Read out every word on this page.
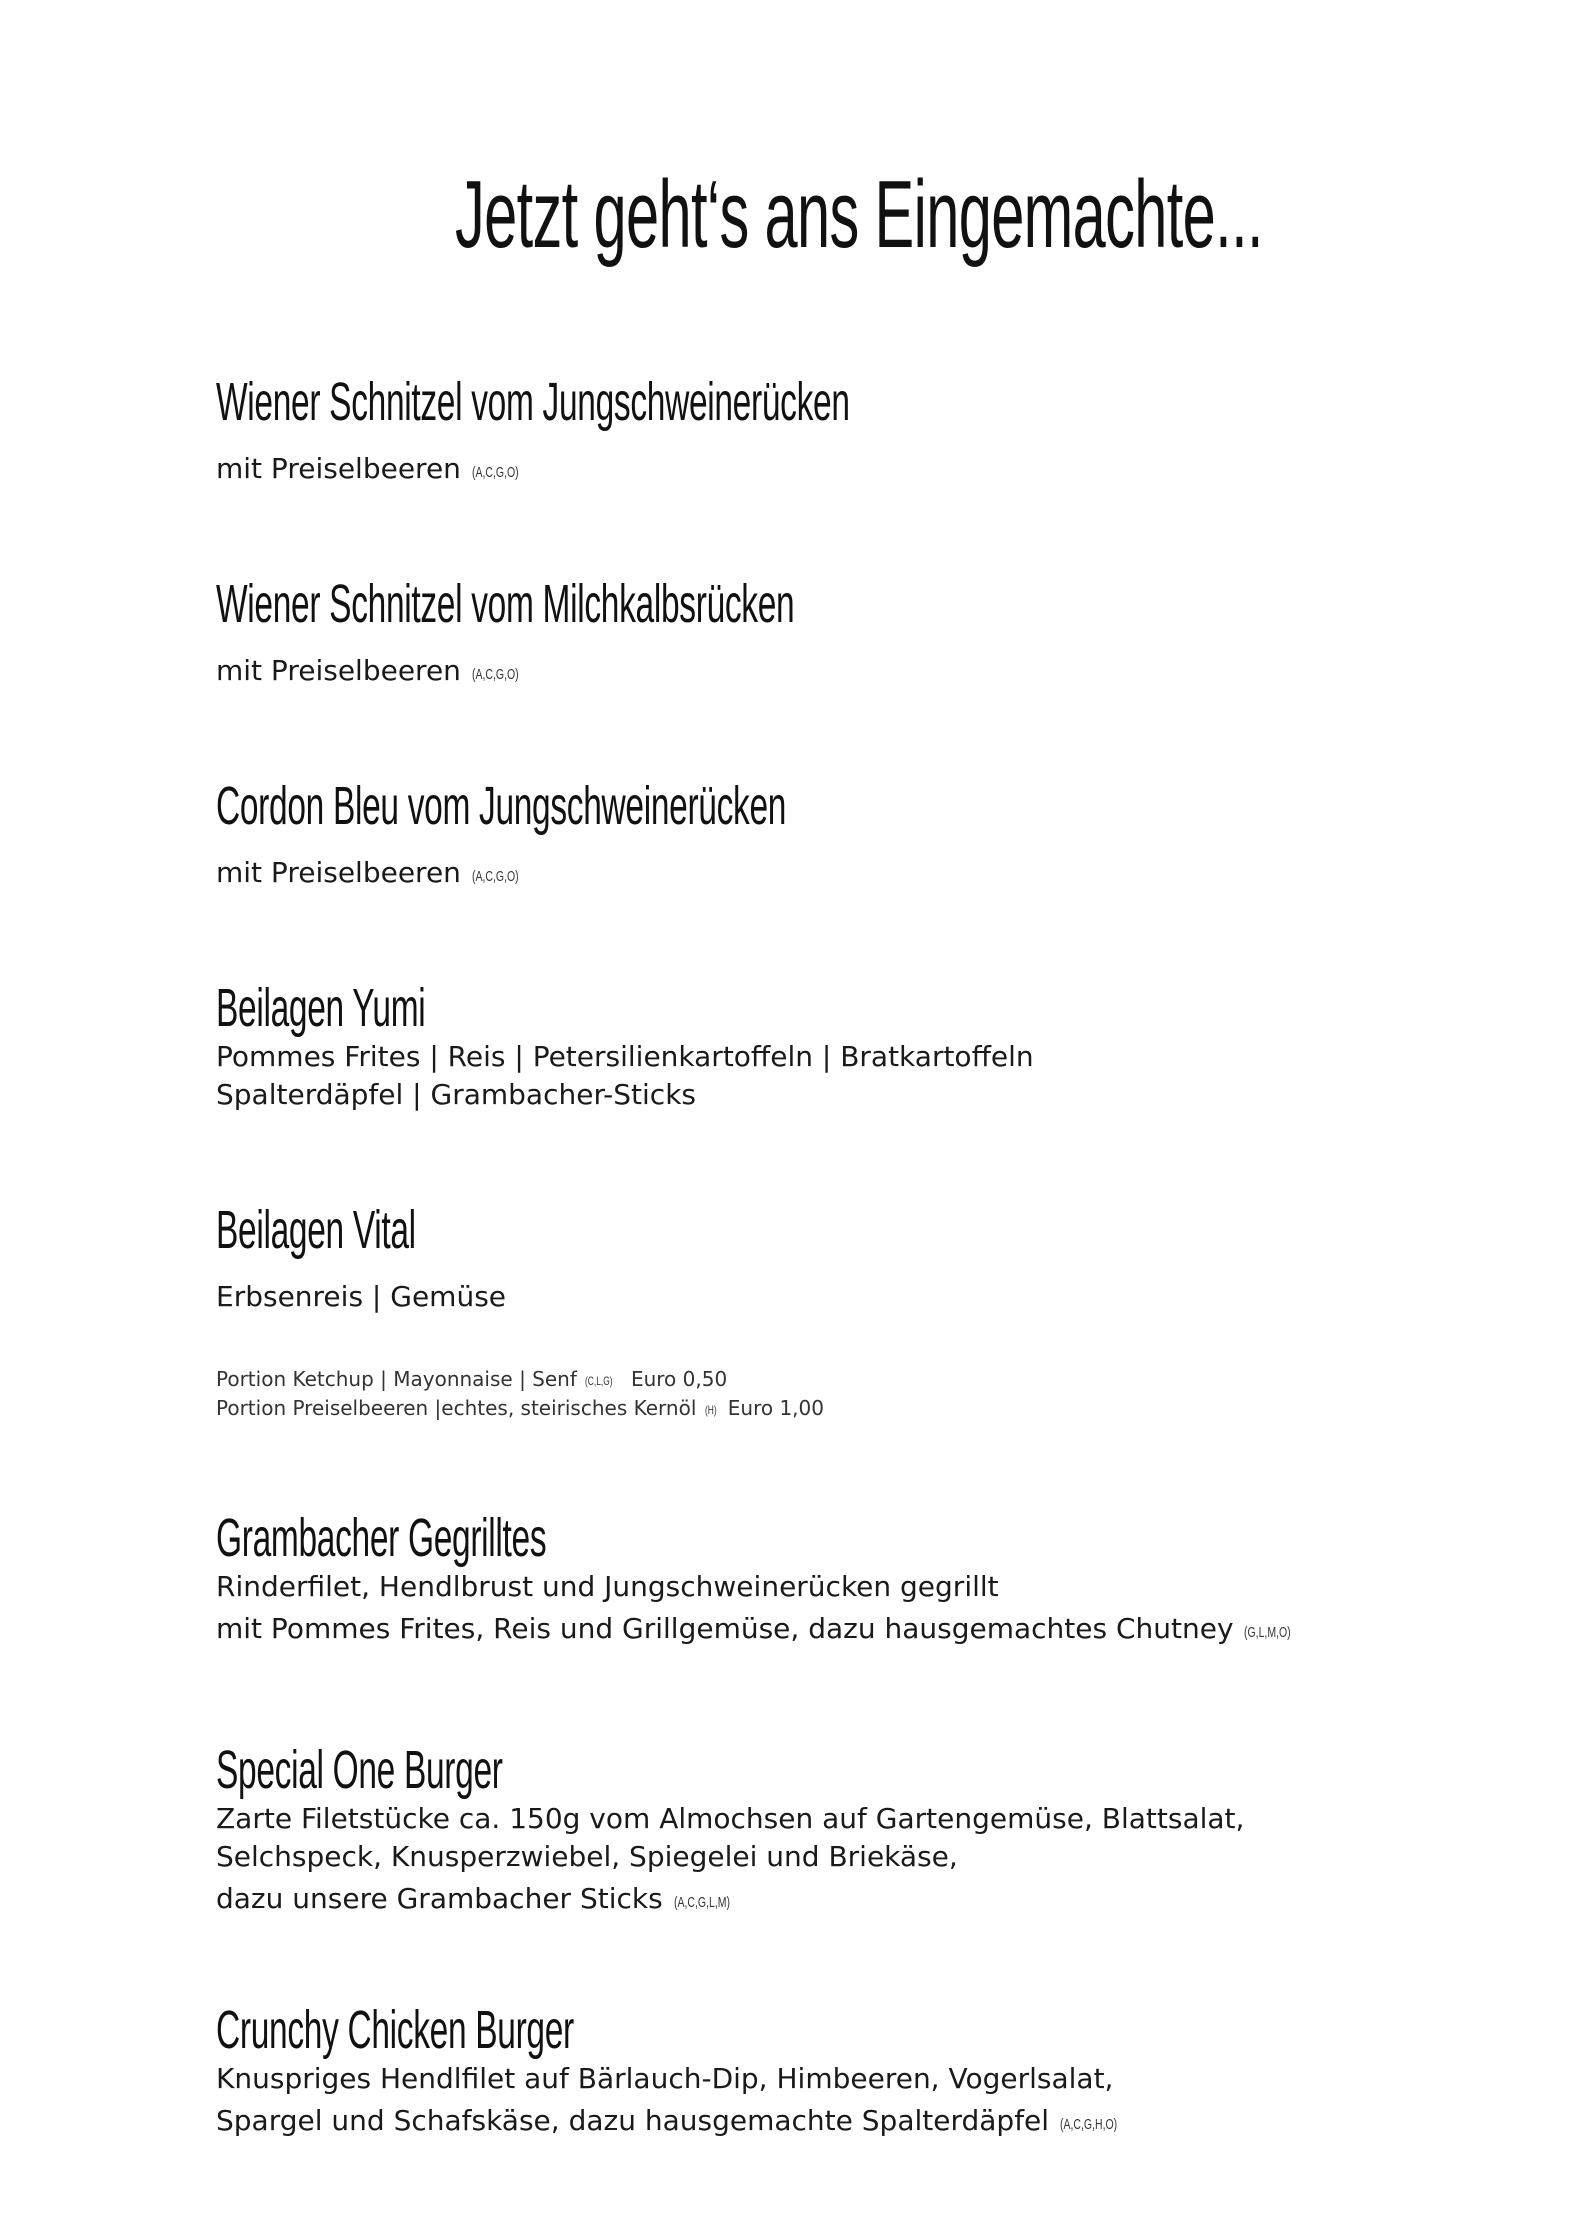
Jetzt geht‘s ans Eingemachte...
Wiener Schnitzel vom Jungschweinerücken
mit Preiselbeeren (A,C,G,O)
Wiener Schnitzel vom Milchkalbsrücken
mit Preiselbeeren (A,C,G,O)
Cordon Bleu vom Jungschweinerücken
mit Preiselbeeren (A,C,G,O)
Beilagen Yumi
Pommes Frites | Reis | Petersilienkartoffeln | Bratkartoffeln
Spalterdäpfel | Grambacher-Sticks
Beilagen Vital
Erbsenreis | Gemüse
Portion Ketchup | Mayonnaise | Senf (C,L,G) Euro 0,50
Portion Preiselbeeren |echtes, steirisches Kernöl (H) Euro 1,00
Grambacher Gegrilltes
Rinderfilet, Hendlbrust und Jungschweinerücken gegrillt
mit Pommes Frites, Reis und Grillgemüse, dazu hausgemachtes Chutney (G,L,M,O)
Special One Burger
Zarte Filetstücke ca. 150g vom Almochsen auf Gartengemüse, Blattsalat,
Selchspeck, Knusperzwiebel, Spiegelei und Briekäse,
dazu unsere Grambacher Sticks (A,C,G,L,M)
Crunchy Chicken Burger
Knuspriges Hendlfilet auf Bärlauch-Dip, Himbeeren, Vogerlsalat,
Spargel und Schafskäse, dazu hausgemachte Spalterdäpfel (A,C,G,H,O)
